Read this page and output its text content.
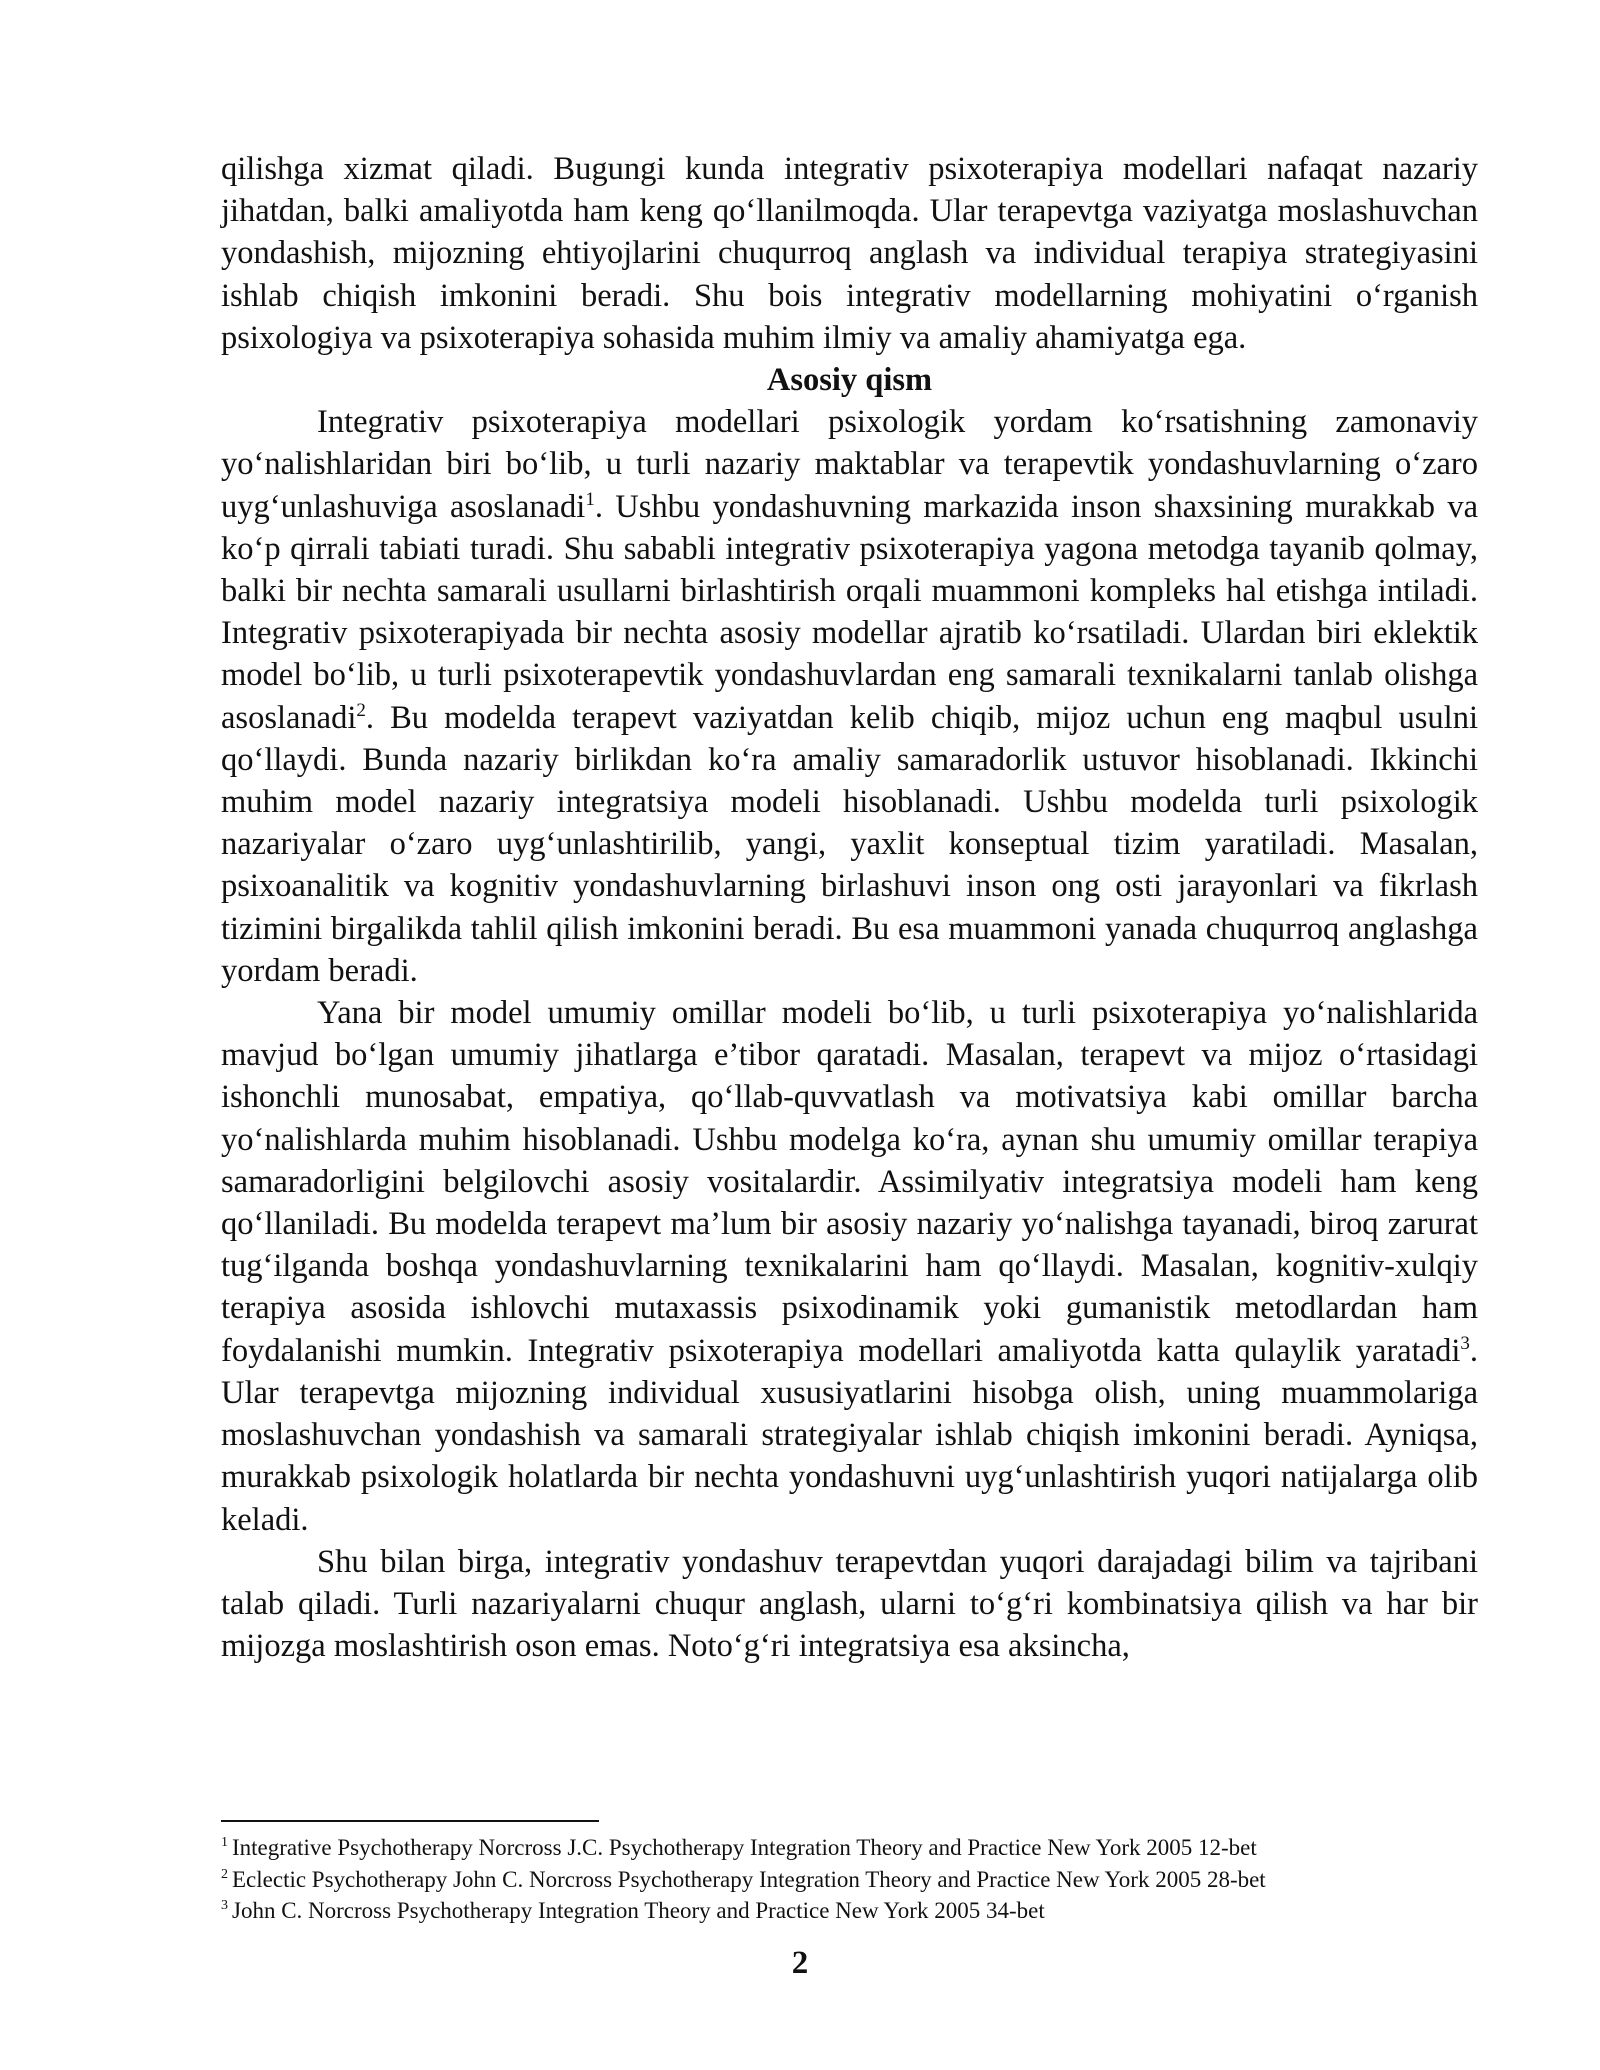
qilishga xizmat qiladi. Bugungi kunda integrativ psixoterapiya modellari nafaqat nazariy jihatdan, balki amaliyotda ham keng qo‘llanilmoqda. Ular terapevtga vaziyatga moslashuvchan yondashish, mijozning ehtiyojlarini chuqurroq anglash va individual terapiya strategiyasini ishlab chiqish imkonini beradi. Shu bois integrativ modellarning mohiyatini o‘rganish psixologiya va psixoterapiya sohasida muhim ilmiy va amaliy ahamiyatga ega.

Asosiy qism

Integrativ psixoterapiya modellari psixologik yordam ko‘rsatishning zamonaviy yo‘nalishlaridan biri bo‘lib, u turli nazariy maktablar va terapevtik yondashuvlarning o‘zaro uyg‘unlashuviga asoslanadi$^1$. Ushbu yondashuvning markazida inson shaxsining murakkab va ko‘p qirrali tabiati turadi. Shu sababli integrativ psixoterapiya yagona metodga tayanib qolmay, balki bir nechta samarali usullarni birlashtirish orqali muammoni kompleks hal etishga intiladi. Integrativ psixoterapiyada bir nechta asosiy modellar ajratib ko‘rsatiladi. Ulardan biri eklektik model bo‘lib, u turli psixoterapevtik yondashuvlardan eng samarali texnikalarni tanlab olishga asoslanadi$^2$. Bu modelda terapevt vaziyatdan kelib chiqib, mijoz uchun eng maqbul usulni qo‘llaydi. Bunda nazariy birlikdan ko‘ra amaliy samaradorlik ustuvor hisoblanadi. Ikkinchi muhim model nazariy integratsiya modeli hisoblanadi. Ushbu modelda turli psixologik nazariyalar o‘zaro uyg‘unlashtirilib, yangi, yaxlit konseptual tizim yaratiladi. Masalan, psixoanalitik va kognitiv yondashuvlarning birlashuvi inson ong osti jarayonlari va fikrlash tizimini birgalikda tahlil qilish imkonini beradi. Bu esa muammoni yanada chuqurroq anglashga yordam beradi.

Yana bir model umumiy omillar modeli bo‘lib, u turli psixoterapiya yo‘nalishlarida mavjud bo‘lgan umumiy jihatlarga e’tibor qaratadi. Masalan, terapevt va mijoz o‘rtasidagi ishonchli munosabat, empatiya, qo‘llab-quvvatlash va motivatsiya kabi omillar barcha yo‘nalishlarda muhim hisoblanadi. Ushbu modelga ko‘ra, aynan shu umumiy omillar terapiya samaradorligini belgilovchi asosiy vositalardir. Assimilyativ integratsiya modeli ham keng qo‘llaniladi. Bu modelda terapevt ma’lum bir asosiy nazariy yo‘nalishga tayanadi, biroq zarurat tug‘ilganda boshqa yondashuvlarning texnikalarini ham qo‘llaydi. Masalan, kognitiv-xulqiy terapiya asosida ishlovchi mutaxassis psixodinamik yoki gumanistik metodlardan ham foydalanishi mumkin. Integrativ psixoterapiya modellari amaliyotda katta qulaylik yaratadi$^3$. Ular terapevtga mijozning individual xususiyatlarini hisobga olish, uning muammolariga moslashuvchan yondashish va samarali strategiyalar ishlab chiqish imkonini beradi. Ayniqsa, murakkab psixologik holatlarda bir nechta yondashuvni uyg‘unlashtirish yuqori natijalarga olib keladi.

Shu bilan birga, integrativ yondashuv terapevtdan yuqori darajadagi bilim va tajribani talab qiladi. Turli nazariyalarni chuqur anglash, ularni to‘g‘ri kombinatsiya qilish va har bir mijozga moslashtirish oson emas. Noto‘g‘ri integratsiya esa aksincha,

$^1$ Integrative Psychotherapy Norcross J.C. Psychotherapy Integration Theory and Practice New York 2005 12-bet

$^2$ Eclectic Psychotherapy John C. Norcross Psychotherapy Integration Theory and Practice New York 2005 28-bet

$^3$ John C. Norcross Psychotherapy Integration Theory and Practice New York 2005 34-bet

2
